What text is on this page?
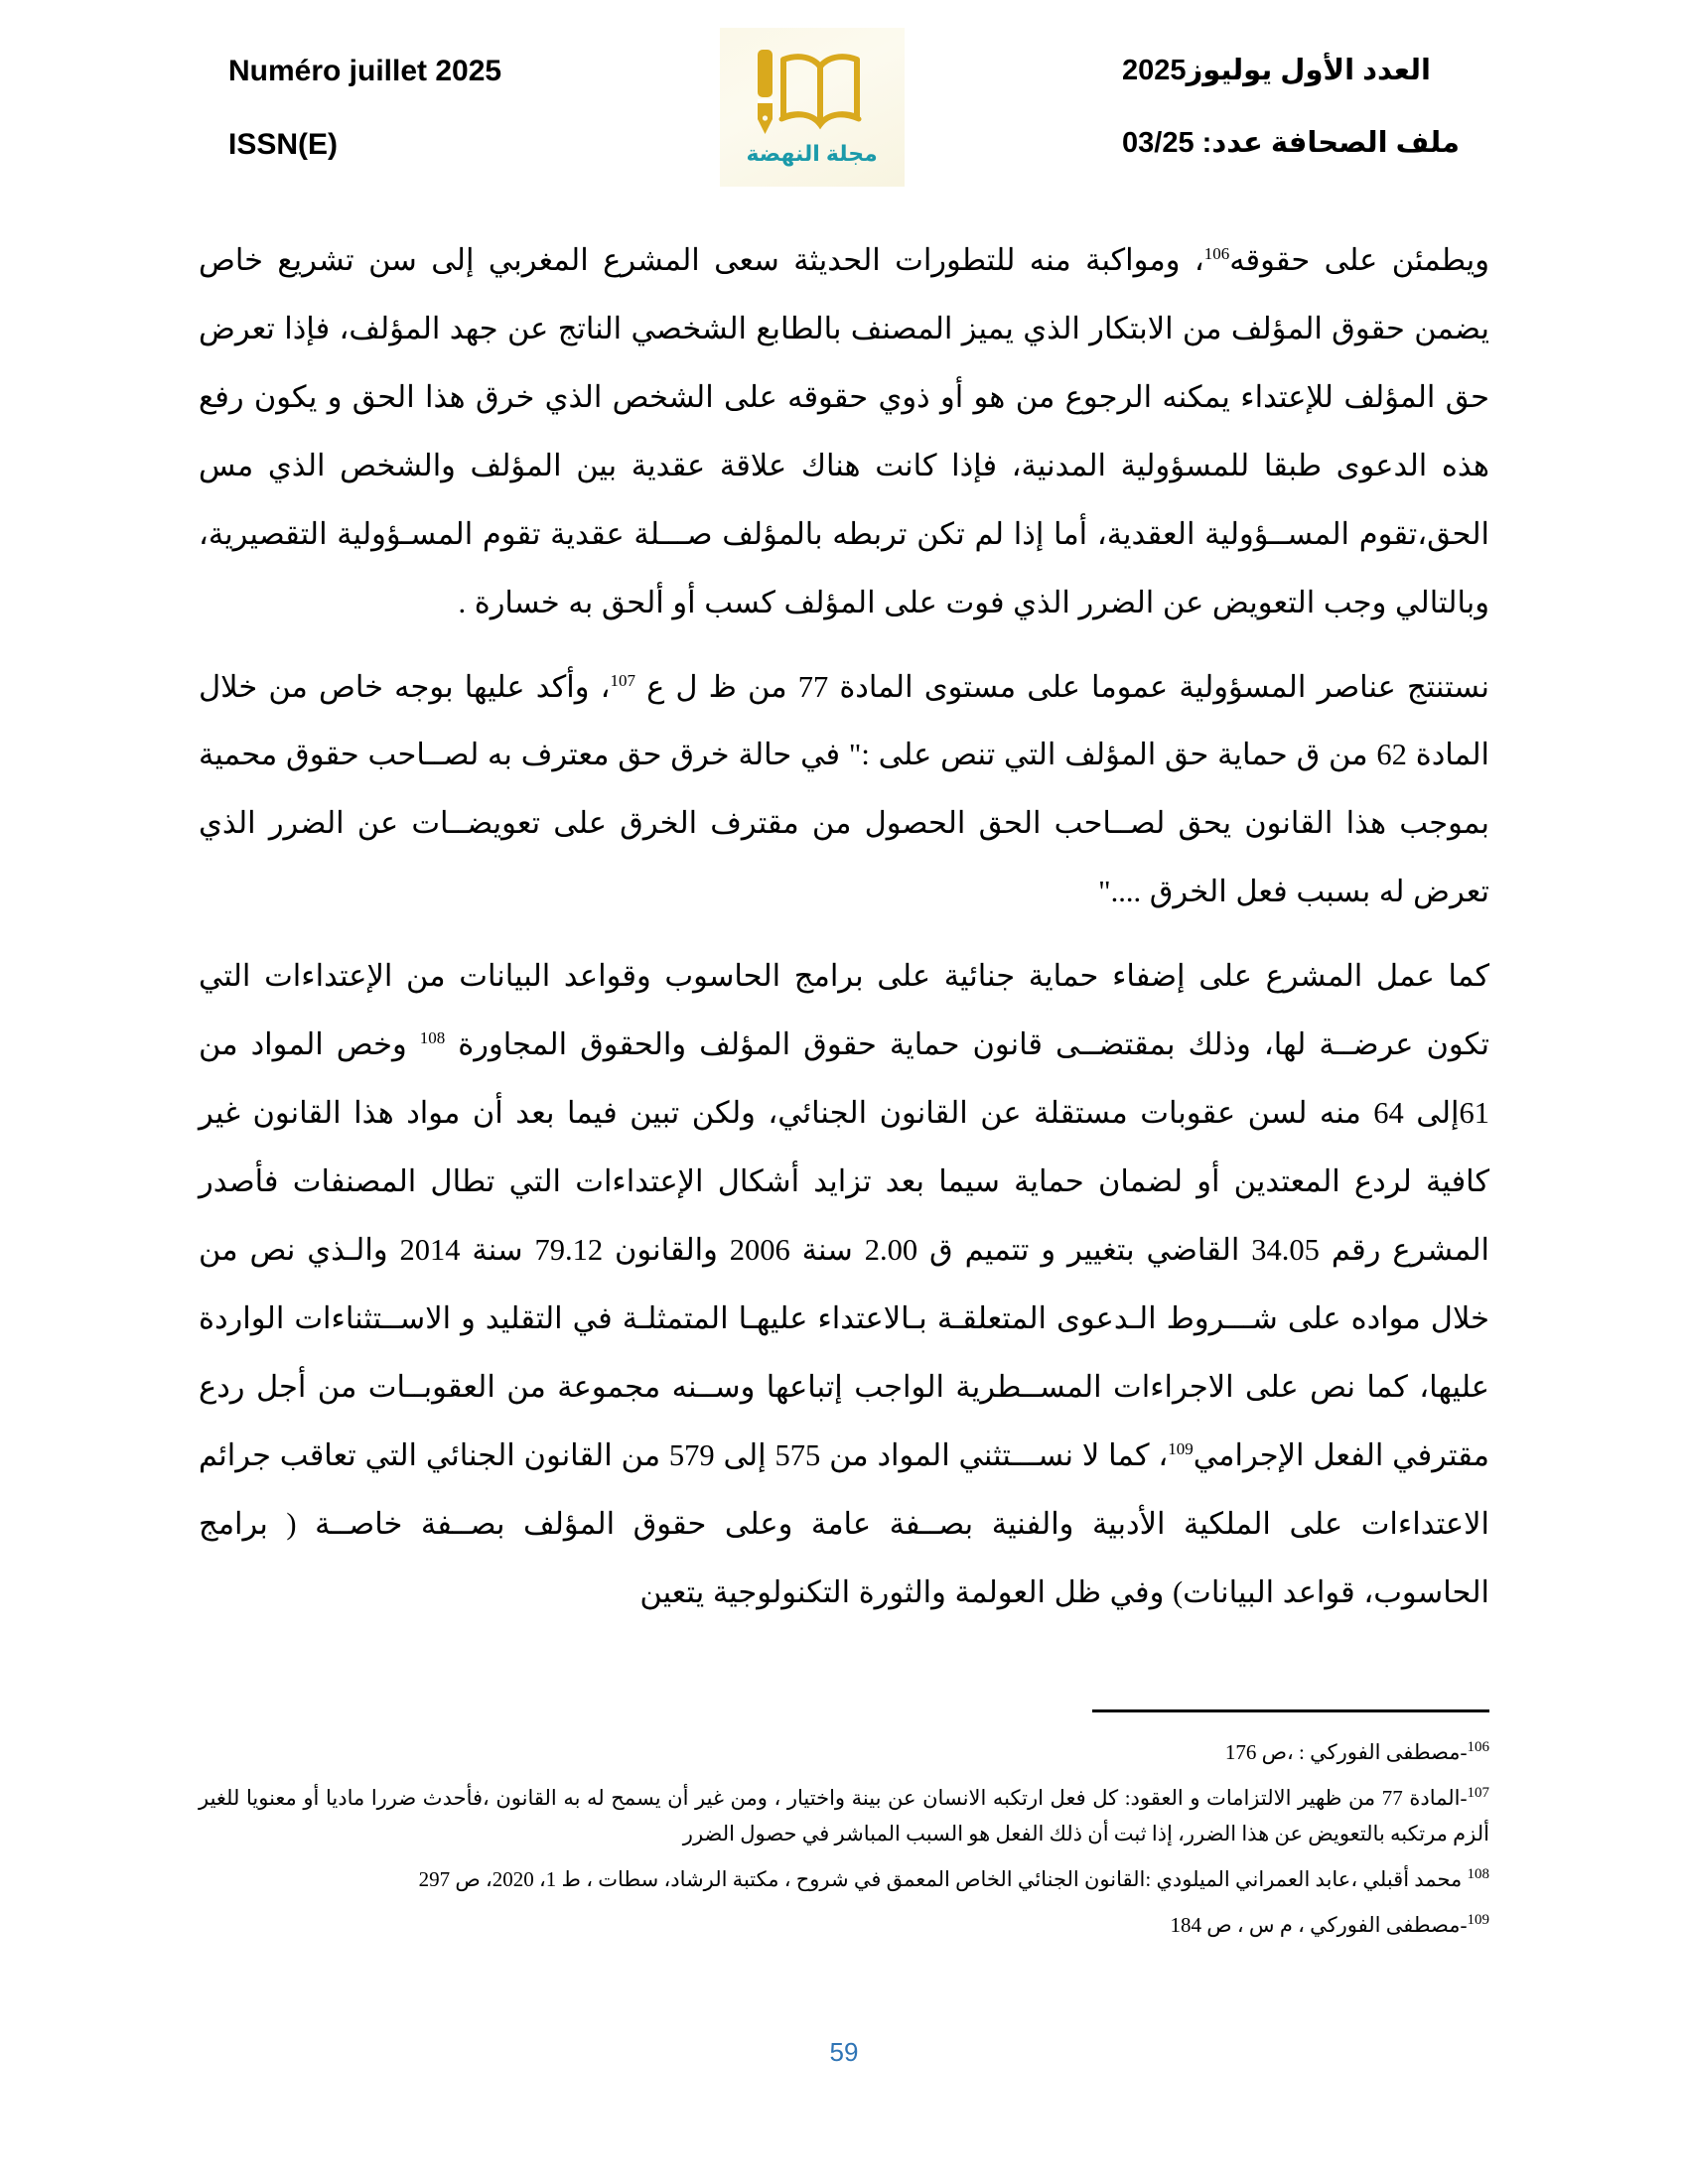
العدد الأول يوليوز2025
ملف الصحافة عدد: 03/25
مجلة النهضة
Numéro juillet 2025
ISSN(E)

ويطمئن على حقوقه$^{106}$، ومواكبة منه للتطورات الحديثة سعى المشرع المغربي إلى سن تشريع خاص يضمن حقوق المؤلف من الابتكار الذي يميز المصنف بالطابع الشخصي الناتج عن جهد المؤلف، فإذا تعرض حق المؤلف للإعتداء يمكنه الرجوع من هو أو ذوي حقوقه على الشخص الذي خرق هذا الحق و يكون رفع هذه الدعوى طبقا للمسؤولية المدنية، فإذا كانت هناك علاقة عقدية بين المؤلف والشخص الذي مس الحق،تقوم المســؤولية العقدية، أما إذا لم تكن تربطه بالمؤلف صـــلة عقدية تقوم المسـؤولية التقصيرية، وبالتالي وجب التعويض عن الضرر الذي فوت على المؤلف كسب أو ألحق به خسارة .

نستنتج عناصر المسؤولية عموما على مستوى المادة 77 من ظ ل ع $^{107}$، وأكد عليها بوجه خاص من خلال المادة 62 من ق حماية حق المؤلف التي تنص على :" في حالة خرق حق معترف به لصــاحب حقوق محمية بموجب هذا القانون يحق لصــاحب الحق الحصول من مقترف الخرق على تعويضــات عن الضرر الذي تعرض له بسبب فعل الخرق ...."

كما عمل المشرع على إضفاء حماية جنائية على برامج الحاسوب وقواعد البيانات من الإعتداءات التي تكون عرضــة لها، وذلك بمقتضــى قانون حماية حقوق المؤلف والحقوق المجاورة $^{108}$ وخص المواد من 61إلى 64 منه لسن عقوبات مستقلة عن القانون الجنائي، ولكن تبين فيما بعد أن مواد هذا القانون غير كافية لردع المعتدين أو لضمان حماية سيما بعد تزايد أشكال الإعتداءات التي تطال المصنفات فأصدر المشرع رقم 34.05 القاضي بتغيير و تتميم ق 2.00 سنة 2006 والقانون 79.12 سنة 2014 والـذي نص من خلال مواده على شـــروط الـدعوى المتعلقـة بـالاعتداء عليهـا المتمثلـة في التقليد و الاســتثناءات الواردة عليها، كما نص على الاجراءات المســطرية الواجب إتباعها وســنه مجموعة من العقوبــات من أجل ردع مقترفي الفعل الإجرامي$^{109}$، كما لا نســـتثني المواد من 575 إلى 579 من القانون الجنائي التي تعاقب جرائم الاعتداءات على الملكية الأدبية والفنية بصــفة عامة وعلى حقوق المؤلف بصــفة خاصــة ( برامج الحاسوب، قواعد البيانات) وفي ظل العولمة والثورة التكنولوجية يتعين

$^{106}$-مصطفى الفوركي : ،ص 176
$^{107}$-المادة 77 من ظهير الالتزامات و العقود: كل فعل ارتكبه الانسان عن بينة واختيار ، ومن غير أن يسمح له به القانون ،فأحدث ضررا ماديا أو معنويا للغير ألزم مرتكبه بالتعويض عن هذا الضرر، إذا ثبت أن ذلك الفعل هو السبب المباشر في حصول الضرر
$^{108}$ محمد أقبلي ،عابد العمراني الميلودي :القانون الجنائي الخاص المعمق في شروح ، مكتبة الرشاد، سطات ، ط 1، 2020، ص 297
$^{109}$-مصطفى الفوركي ، م س ، ص 184
59
